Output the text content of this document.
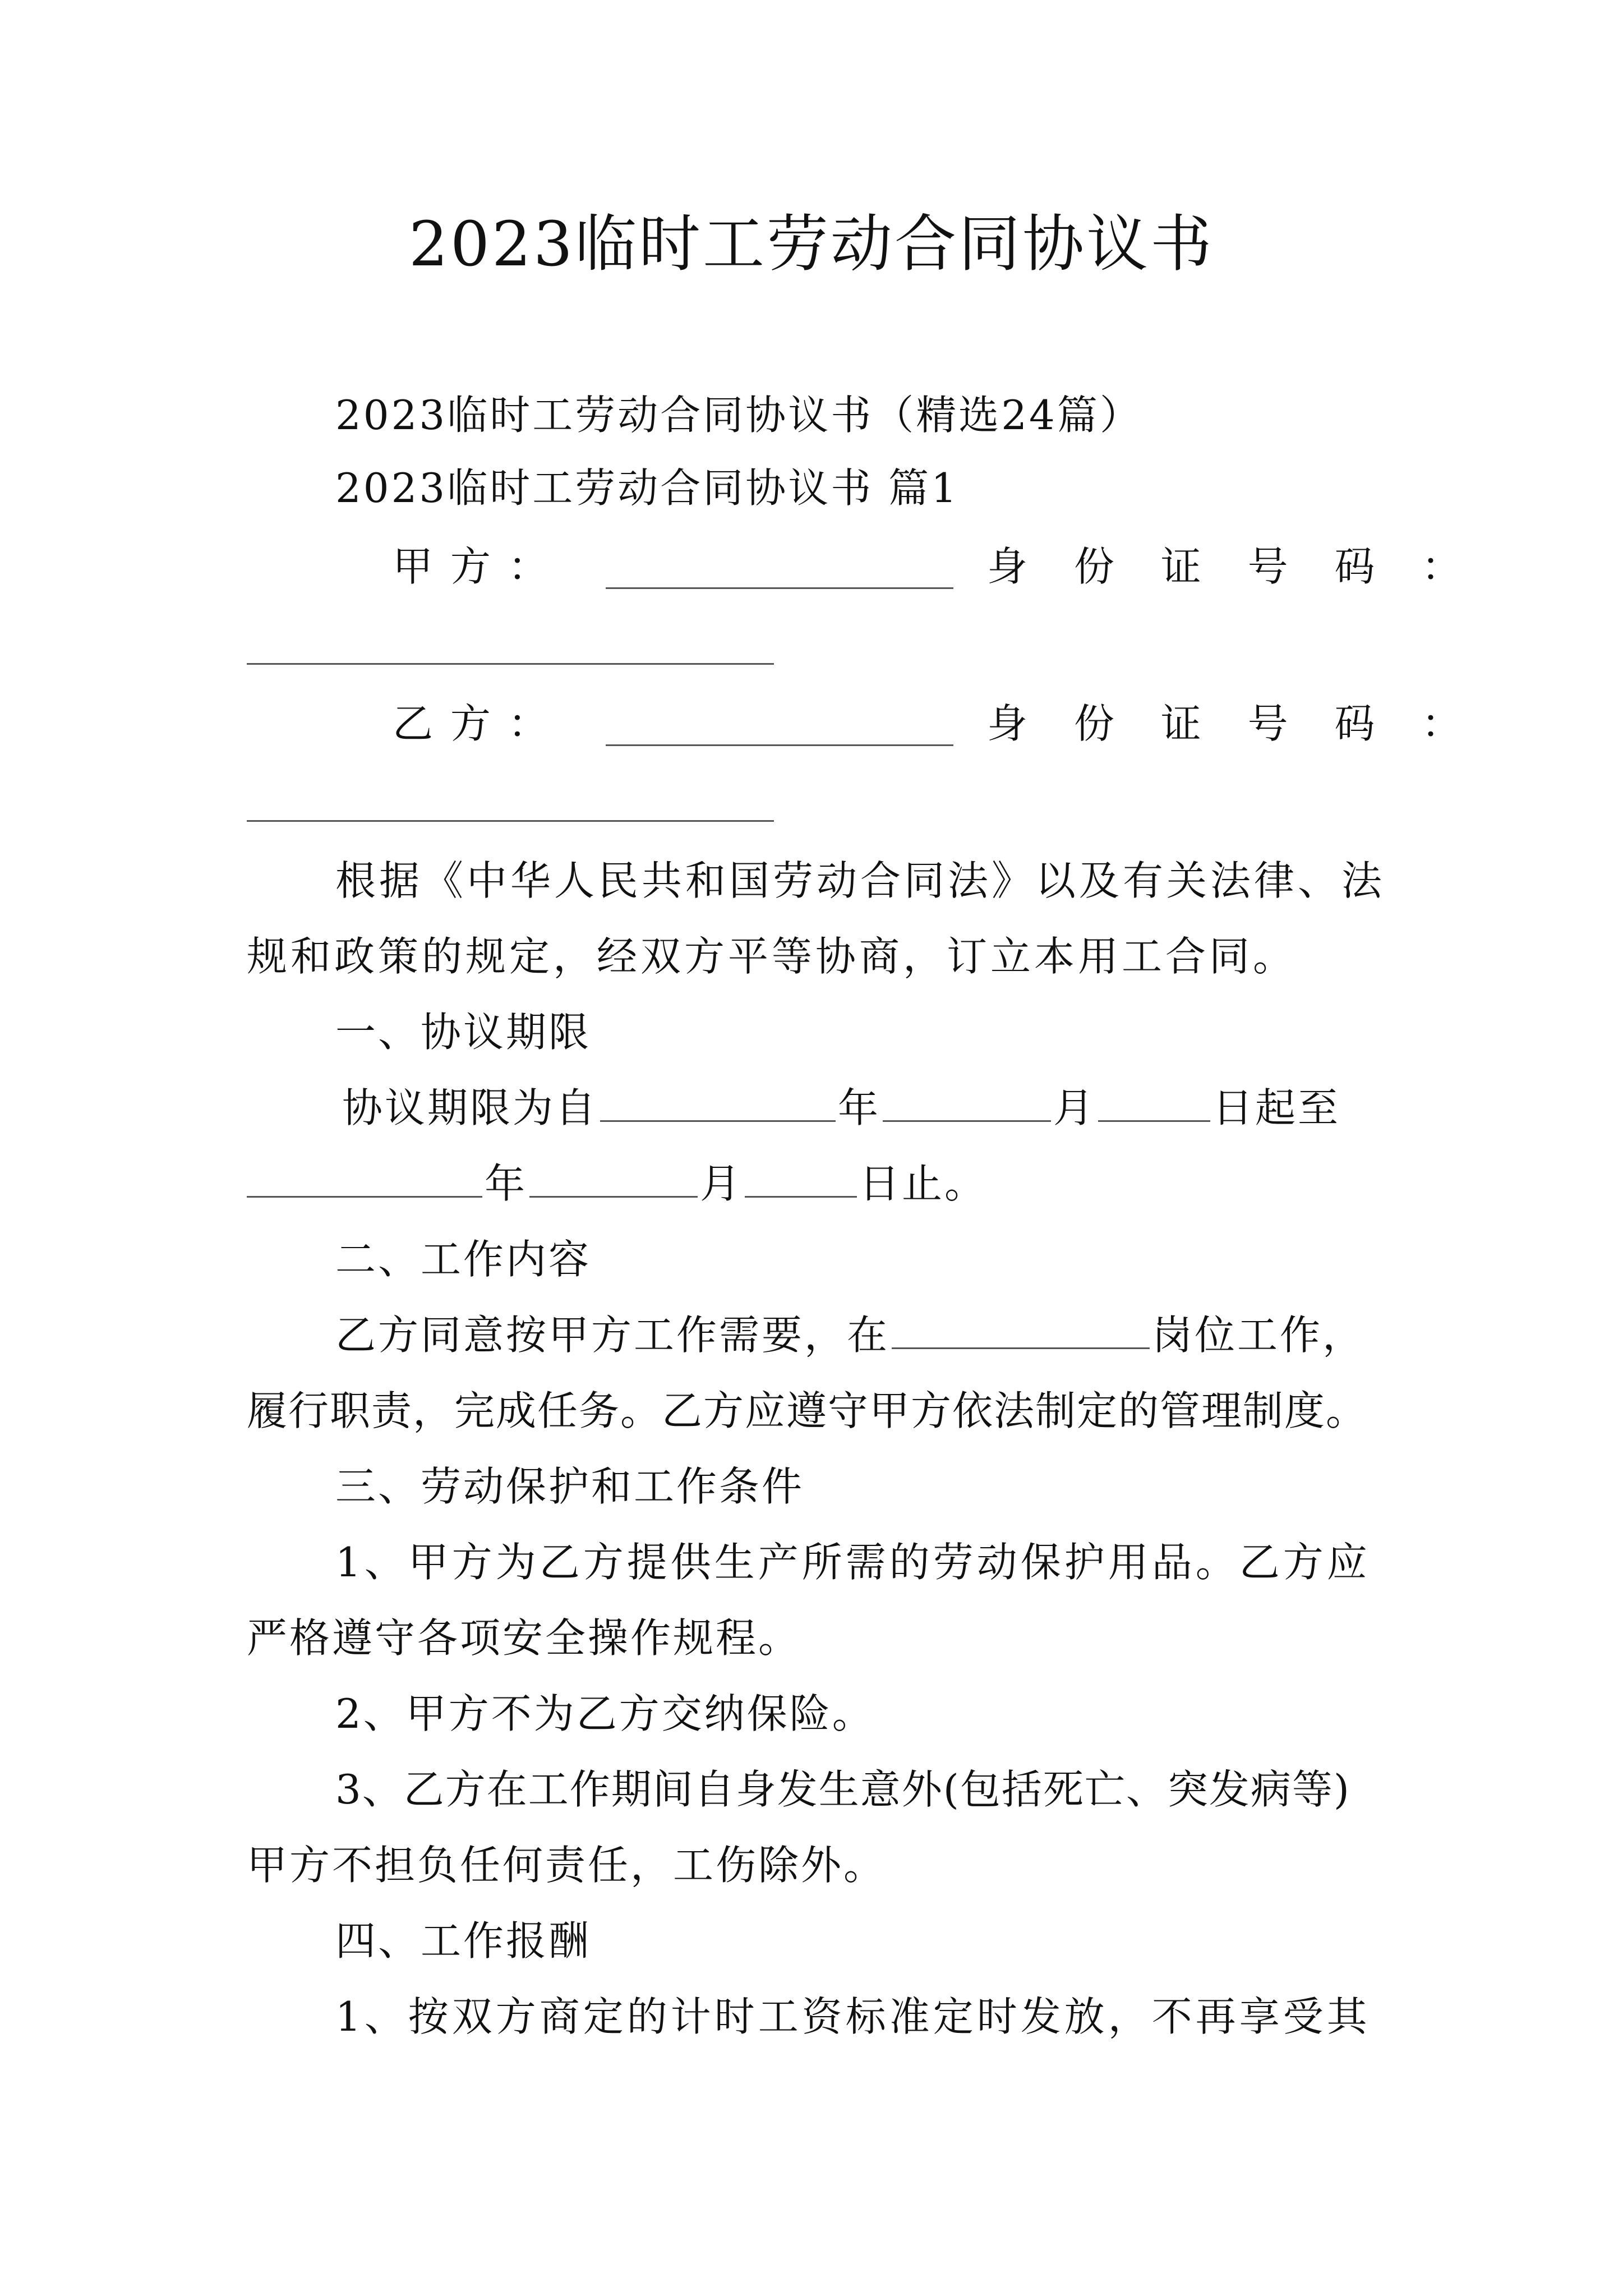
2023临时工劳动合同协议书
2023临时工劳动合同协议书（精选24篇）
2023临时工劳动合同协议书 篇1
甲 方 ：	身 份 证 号 码 ：
乙 方 ：	身 份 证 号 码 ：
根据《中华人民共和国劳动合同法》以及有关法律、法
规和政策的规定，经双方平等协商，订立本用工合同。
一、协议期限
协议期限为自	年	月	日起至
年	月	日止。
二、工作内容
乙方同意按甲方工作需要，在	岗位工作，
履行职责，完成任务。乙方应遵守甲方依法制定的管理制度。
三、劳动保护和工作条件
1、甲方为乙方提供生产所需的劳动保护用品。乙方应
严格遵守各项安全操作规程。
2、甲方不为乙方交纳保险。
3、乙方在工作期间自身发生意外(包括死亡、突发病等)
甲方不担负任何责任，工伤除外。
四、工作报酬
1、按双方商定的计时工资标准定时发放，不再享受其
